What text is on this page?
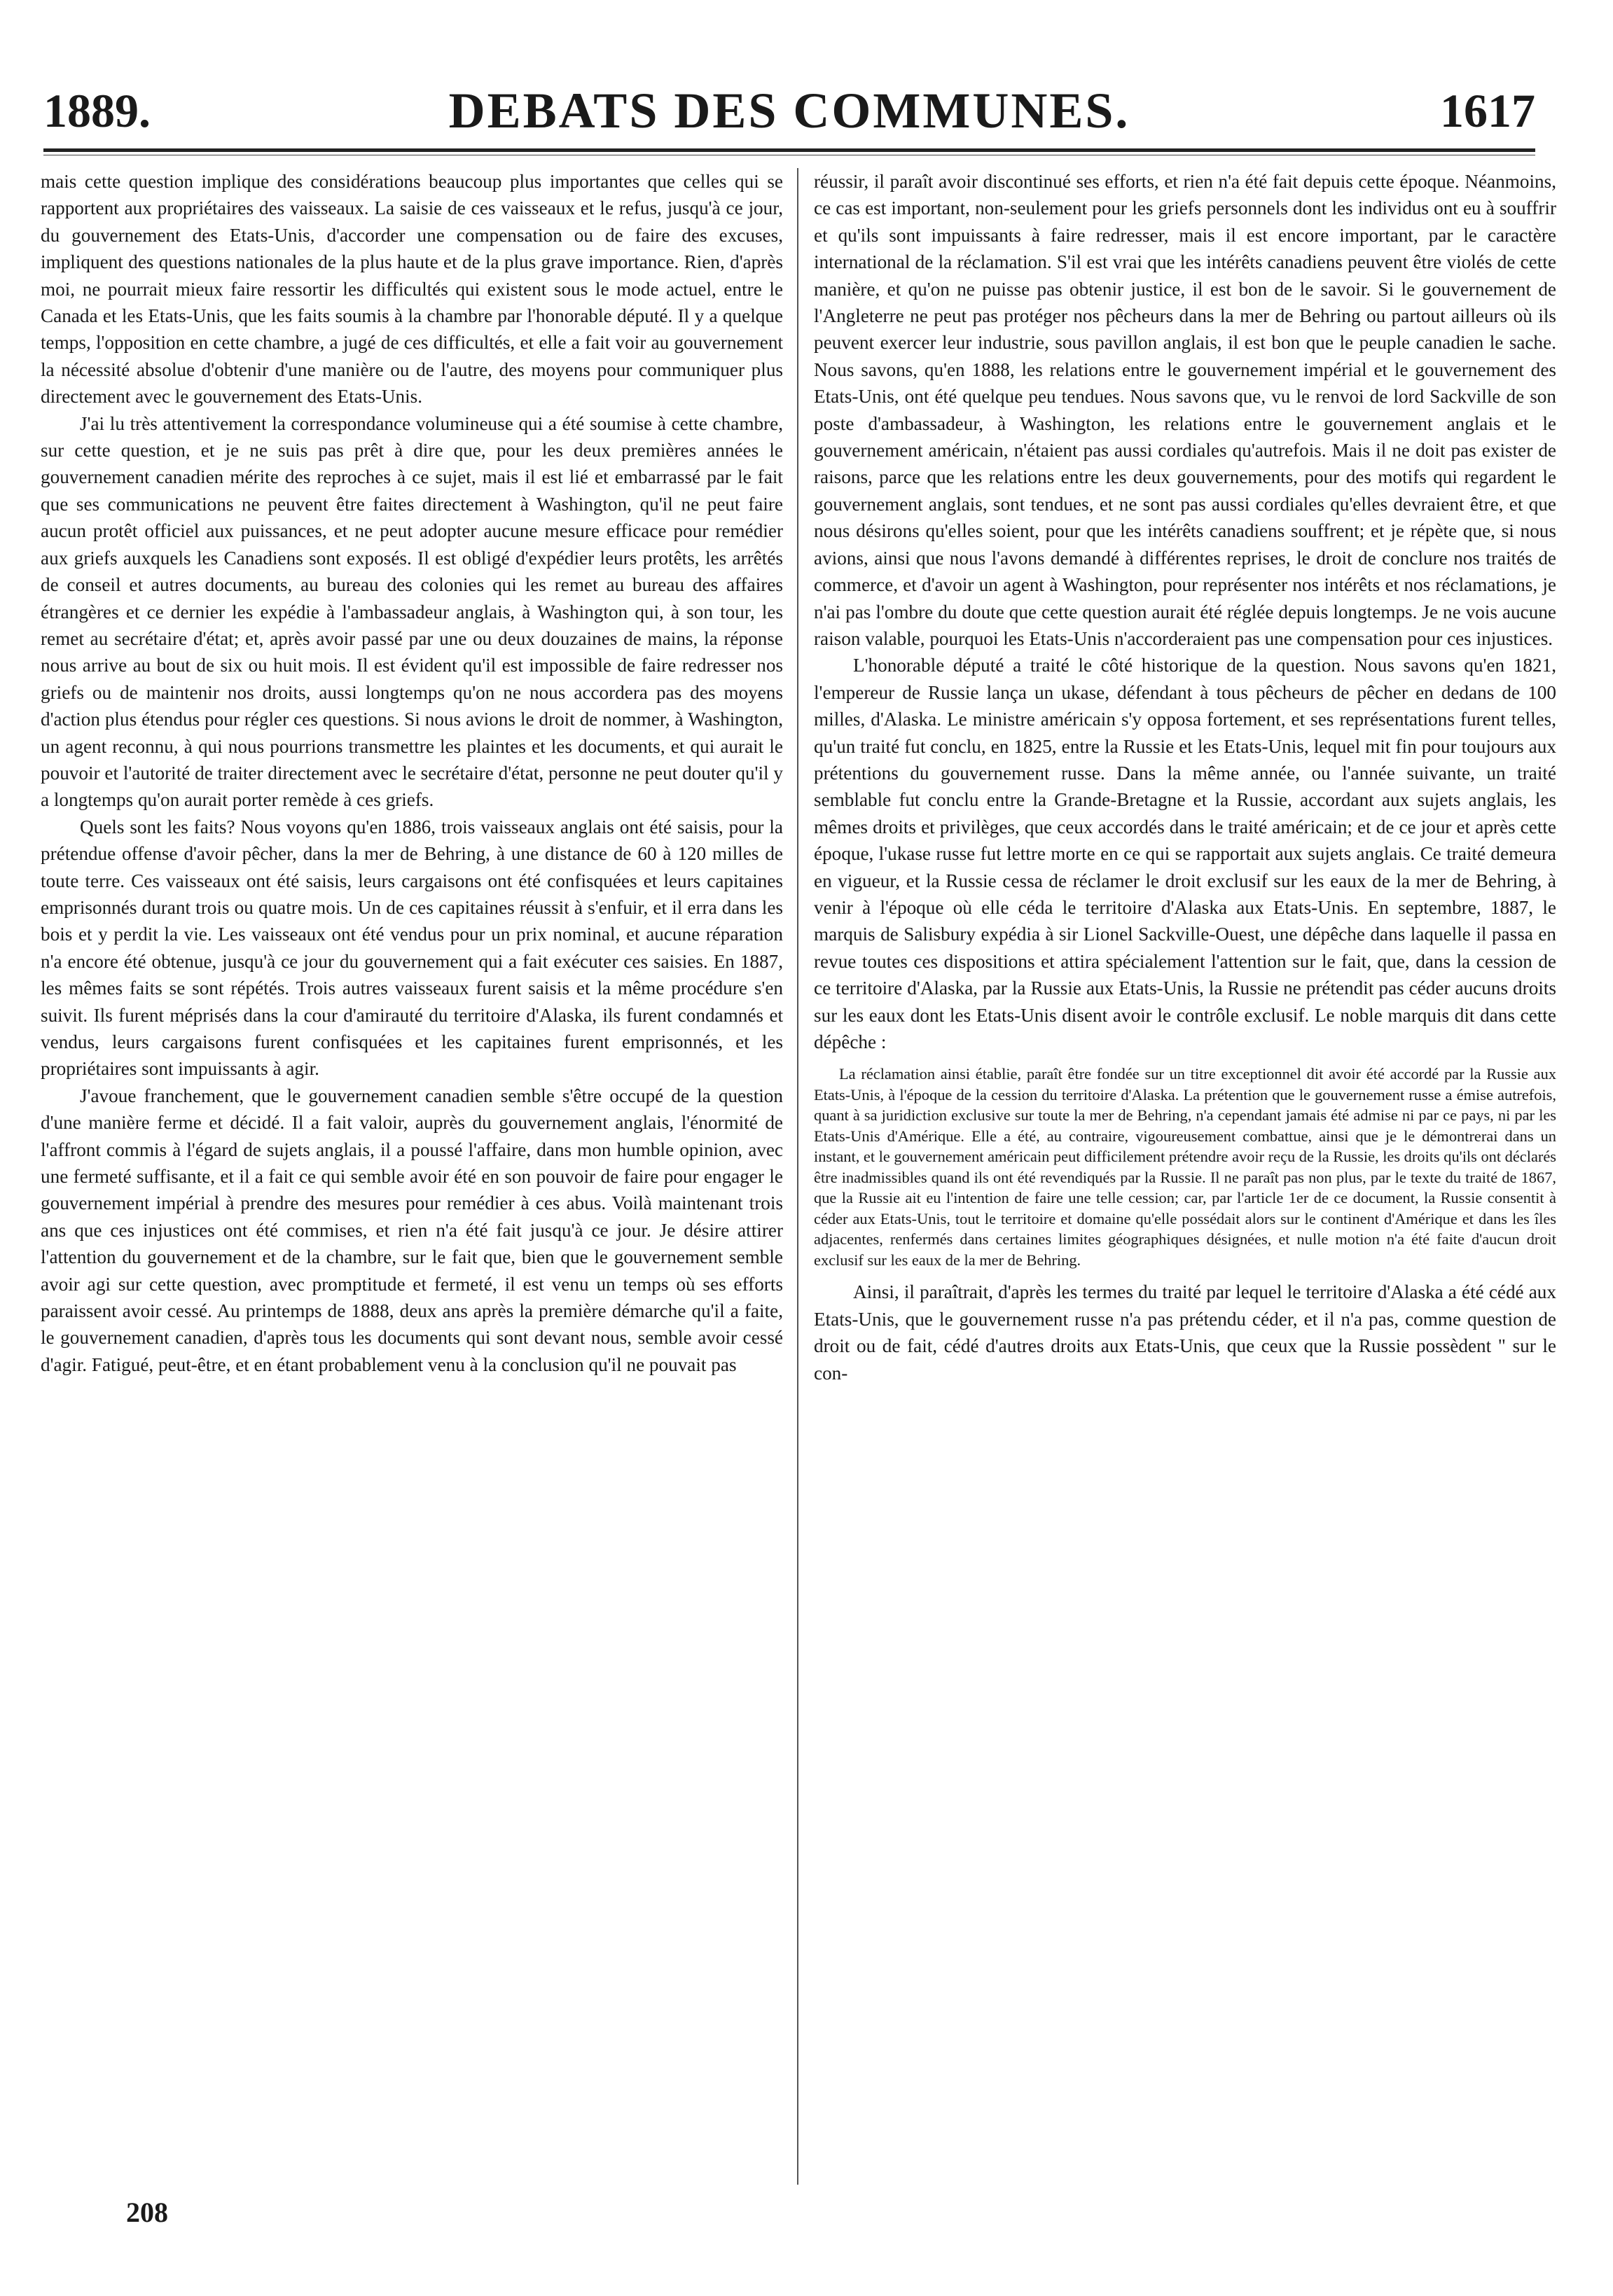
1889.	DEBATS DES COMMUNES.	1617

mais cette question implique des considérations beaucoup plus importantes que celles qui se rapportent aux propriétaires des vaisseaux. La saisie de ces vaisseaux et le refus, jusqu'à ce jour, du gouvernement des Etats-Unis, d'accorder une compensation ou de faire des excuses, impliquent des questions nationales de la plus haute et de la plus grave importance. Rien, d'après moi, ne pourrait mieux faire ressortir les difficultés qui existent sous le mode actuel, entre le Canada et les Etats-Unis, que les faits soumis à la chambre par l'honorable député. Il y a quelque temps, l'opposition en cette chambre, a jugé de ces difficultés, et elle a fait voir au gouvernement la nécessité absolue d'obtenir d'une manière ou de l'autre, des moyens pour communiquer plus directement avec le gouvernement des Etats-Unis.

J'ai lu très attentivement la correspondance volumineuse qui a été soumise à cette chambre, sur cette question, et je ne suis pas prêt à dire que, pour les deux premières années le gouvernement canadien mérite des reproches à ce sujet, mais il est lié et embarrassé par le fait que ses communications ne peuvent être faites directement à Washington, qu'il ne peut faire aucun protêt officiel aux puissances, et ne peut adopter aucune mesure efficace pour remédier aux griefs auxquels les Canadiens sont exposés. Il est obligé d'expédier leurs protêts, les arrêtés de conseil et autres documents, au bureau des colonies qui les remet au bureau des affaires étrangères et ce dernier les expédie à l'ambassadeur anglais, à Washington qui, à son tour, les remet au secrétaire d'état; et, après avoir passé par une ou deux douzaines de mains, la réponse nous arrive au bout de six ou huit mois. Il est évident qu'il est impossible de faire redresser nos griefs ou de maintenir nos droits, aussi longtemps qu'on ne nous accordera pas des moyens d'action plus étendus pour régler ces questions. Si nous avions le droit de nommer, à Washington, un agent reconnu, à qui nous pourrions transmettre les plaintes et les documents, et qui aurait le pouvoir et l'autorité de traiter directement avec le secrétaire d'état, personne ne peut douter qu'il y a longtemps qu'on aurait porter remède à ces griefs.

Quels sont les faits? Nous voyons qu'en 1886, trois vaisseaux anglais ont été saisis, pour la prétendue offense d'avoir pêcher, dans la mer de Behring, à une distance de 60 à 120 milles de toute terre. Ces vaisseaux ont été saisis, leurs cargaisons ont été confisquées et leurs capitaines emprisonnés durant trois ou quatre mois. Un de ces capitaines réussit à s'enfuir, et il erra dans les bois et y perdit la vie. Les vaisseaux ont été vendus pour un prix nominal, et aucune réparation n'a encore été obtenue, jusqu'à ce jour du gouvernement qui a fait exécuter ces saisies. En 1887, les mêmes faits se sont répétés. Trois autres vaisseaux furent saisis et la même procédure s'en suivit. Ils furent méprisés dans la cour d'amirauté du territoire d'Alaska, ils furent condamnés et vendus, leurs cargaisons furent confisquées et les capitaines furent emprisonnés, et les propriétaires sont impuissants à agir.

J'avoue franchement, que le gouvernement canadien semble s'être occupé de la question d'une manière ferme et décidé. Il a fait valoir, auprès du gouvernement anglais, l'énormité de l'affront commis à l'égard de sujets anglais, il a poussé l'affaire, dans mon humble opinion, avec une fermeté suffisante, et il a fait ce qui semble avoir été en son pouvoir de faire pour engager le gouvernement impérial à prendre des mesures pour remédier à ces abus. Voilà maintenant trois ans que ces injustices ont été commises, et rien n'a été fait jusqu'à ce jour. Je désire attirer l'attention du gouvernement et de la chambre, sur le fait que, bien que le gouvernement semble avoir agi sur cette question, avec promptitude et fermeté, il est venu un temps où ses efforts paraissent avoir cessé. Au printemps de 1888, deux ans après la première démarche qu'il a faite, le gouvernement canadien, d'après tous les documents qui sont devant nous, semble avoir cessé d'agir. Fatigué, peut-être, et en étant probablement venu à la conclusion qu'il ne pouvait pas

réussir, il paraît avoir discontinué ses efforts, et rien n'a été fait depuis cette époque. Néanmoins, ce cas est important, non-seulement pour les griefs personnels dont les individus ont eu à souffrir et qu'ils sont impuissants à faire redresser, mais il est encore important, par le caractère international de la réclamation. S'il est vrai que les intérêts canadiens peuvent être violés de cette manière, et qu'on ne puisse pas obtenir justice, il est bon de le savoir. Si le gouvernement de l'Angleterre ne peut pas protéger nos pêcheurs dans la mer de Behring ou partout ailleurs où ils peuvent exercer leur industrie, sous pavillon anglais, il est bon que le peuple canadien le sache. Nous savons, qu'en 1888, les relations entre le gouvernement impérial et le gouvernement des Etats-Unis, ont été quelque peu tendues. Nous savons que, vu le renvoi de lord Sackville de son poste d'ambassadeur, à Washington, les relations entre le gouvernement anglais et le gouvernement américain, n'étaient pas aussi cordiales qu'autrefois. Mais il ne doit pas exister de raisons, parce que les relations entre les deux gouvernements, pour des motifs qui regardent le gouvernement anglais, sont tendues, et ne sont pas aussi cordiales qu'elles devraient être, et que nous désirons qu'elles soient, pour que les intérêts canadiens souffrent; et je répète que, si nous avions, ainsi que nous l'avons demandé à différentes reprises, le droit de conclure nos traités de commerce, et d'avoir un agent à Washington, pour représenter nos intérêts et nos réclamations, je n'ai pas l'ombre du doute que cette question aurait été réglée depuis longtemps. Je ne vois aucune raison valable, pourquoi les Etats-Unis n'accorderaient pas une compensation pour ces injustices.

L'honorable député a traité le côté historique de la question. Nous savons qu'en 1821, l'empereur de Russie lança un ukase, défendant à tous pêcheurs de pêcher en dedans de 100 milles, d'Alaska. Le ministre américain s'y opposa fortement, et ses représentations furent telles, qu'un traité fut conclu, en 1825, entre la Russie et les Etats-Unis, lequel mit fin pour toujours aux prétentions du gouvernement russe. Dans la même année, ou l'année suivante, un traité semblable fut conclu entre la Grande-Bretagne et la Russie, accordant aux sujets anglais, les mêmes droits et privilèges, que ceux accordés dans le traité américain; et de ce jour et après cette époque, l'ukase russe fut lettre morte en ce qui se rapportait aux sujets anglais. Ce traité demeura en vigueur, et la Russie cessa de réclamer le droit exclusif sur les eaux de la mer de Behring, à venir à l'époque où elle céda le territoire d'Alaska aux Etats-Unis. En septembre, 1887, le marquis de Salisbury expédia à sir Lionel Sackville-Ouest, une dépêche dans laquelle il passa en revue toutes ces dispositions et attira spécialement l'attention sur le fait, que, dans la cession de ce territoire d'Alaska, par la Russie aux Etats-Unis, la Russie ne prétendit pas céder aucuns droits sur les eaux dont les Etats-Unis disent avoir le contrôle exclusif. Le noble marquis dit dans cette dépêche :

La réclamation ainsi établie, paraît être fondée sur un titre exceptionnel dit avoir été accordé par la Russie aux Etats-Unis, à l'époque de la cession du territoire d'Alaska. La prétention que le gouvernement russe a émise autrefois, quant à sa juridiction exclusive sur toute la mer de Behring, n'a cependant jamais été admise ni par ce pays, ni par les Etats-Unis d'Amérique. Elle a été, au contraire, vigoureusement combattue, ainsi que je le démontrerai dans un instant, et le gouvernement américain peut difficilement prétendre avoir reçu de la Russie, les droits qu'ils ont déclarés être inadmissibles quand ils ont été revendiqués par la Russie. Il ne paraît pas non plus, par le texte du traité de 1867, que la Russie ait eu l'intention de faire une telle cession; car, par l'article 1er de ce document, la Russie consentit à céder aux Etats-Unis, tout le territoire et domaine qu'elle possédait alors sur le continent d'Amérique et dans les îles adjacentes, renfermés dans certaines limites géographiques désignées, et nulle motion n'a été faite d'aucun droit exclusif sur les eaux de la mer de Behring.

Ainsi, il paraîtrait, d'après les termes du traité par lequel le territoire d'Alaska a été cédé aux Etats-Unis, que le gouvernement russe n'a pas prétendu céder, et il n'a pas, comme question de droit ou de fait, cédé d'autres droits aux Etats-Unis, que ceux que la Russie possèdent " sur le con-

208
